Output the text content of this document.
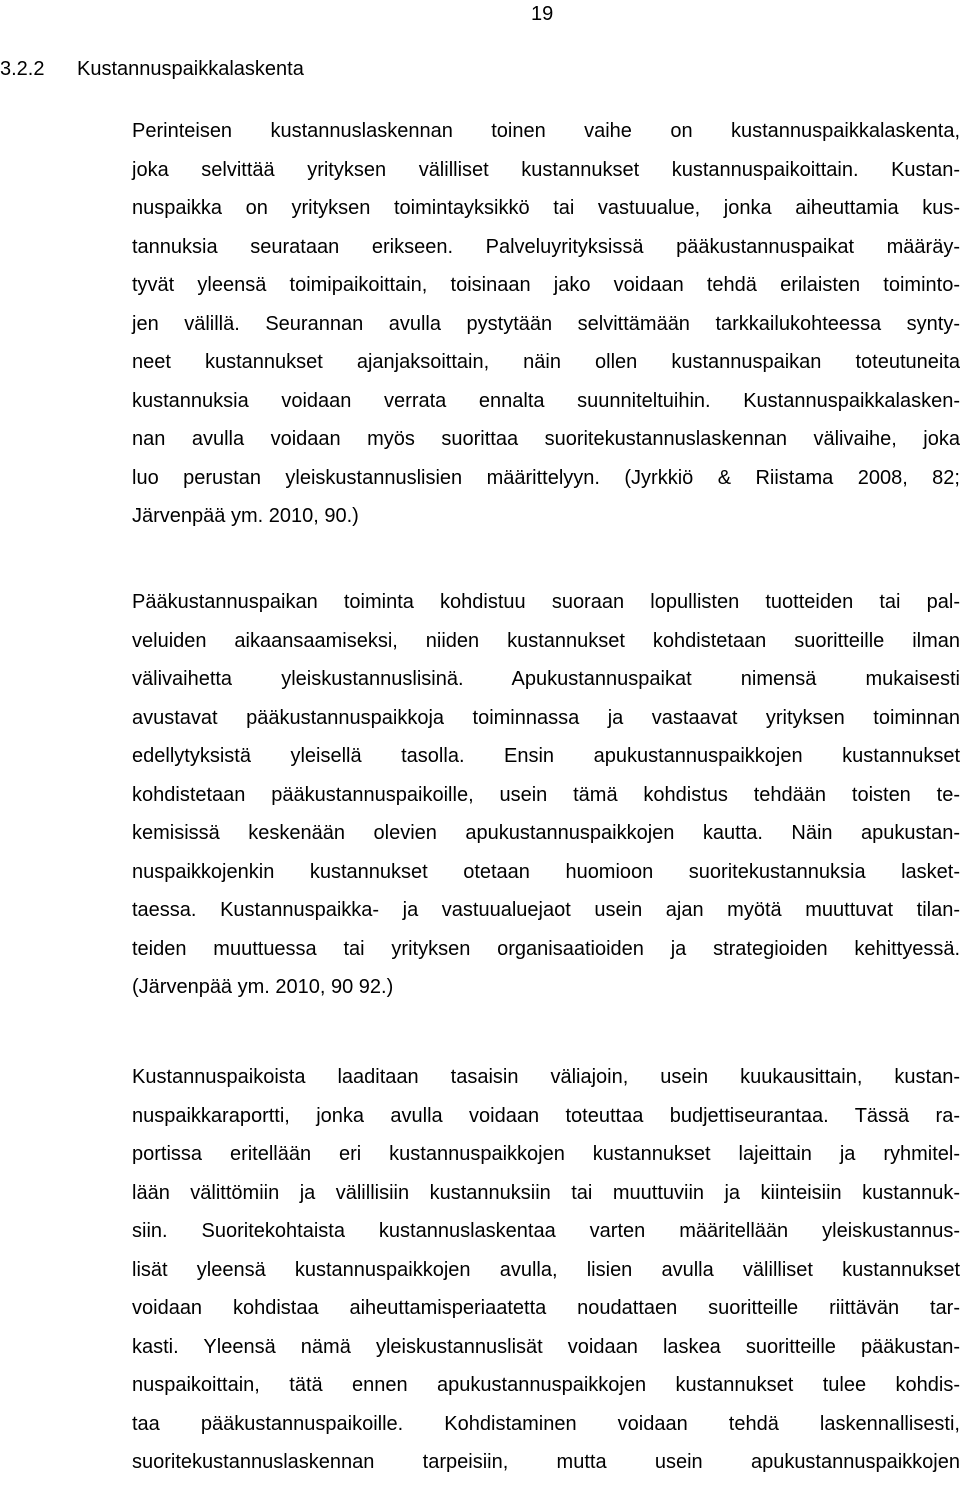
19
3.2.2 Kustannuspaikkalaskenta
Perinteisen kustannuslaskennan toinen vaihe on kustannuspaikkalaskenta,
joka selvittää yrityksen välilliset kustannukset kustannuspaikoittain. Kustan-
nuspaikka on yrityksen toimintayksikkö tai vastuualue, jonka aiheuttamia kus-
tannuksia seurataan erikseen. Palveluyrityksissä pääkustannuspaikat määräy-
tyvät yleensä toimipaikoittain, toisinaan jako voidaan tehdä erilaisten toiminto-
jen välillä. Seurannan avulla pystytään selvittämään tarkkailukohteessa synty-
neet kustannukset ajanjaksoittain, näin ollen kustannuspaikan toteutuneita
kustannuksia voidaan verrata ennalta suunniteltuihin. Kustannuspaikkalasken-
nan avulla voidaan myös suorittaa suoritekustannuslaskennan välivaihe, joka
luo perustan yleiskustannuslisien määrittelyyn. (Jyrkkiö & Riistama 2008, 82;
Järvenpää ym. 2010, 90.)
Pääkustannuspaikan toiminta kohdistuu suoraan lopullisten tuotteiden tai pal-
veluiden aikaansaamiseksi, niiden kustannukset kohdistetaan suoritteille ilman
välivaihetta yleiskustannuslisinä. Apukustannuspaikat nimensä mukaisesti
avustavat pääkustannuspaikkoja toiminnassa ja vastaavat yrityksen toiminnan
edellytyksistä yleisellä tasolla. Ensin apukustannuspaikkojen kustannukset
kohdistetaan pääkustannuspaikoille, usein tämä kohdistus tehdään toisten te-
kemisissä keskenään olevien apukustannuspaikkojen kautta. Näin apukustan-
nuspaikkojenkin kustannukset otetaan huomioon suoritekustannuksia lasket-
taessa. Kustannuspaikka- ja vastuualuejaot usein ajan myötä muuttuvat tilan-
teiden muuttuessa tai yrityksen organisaatioiden ja strategioiden kehittyessä.
(Järvenpää ym. 2010, 90 92.)
Kustannuspaikoista laaditaan tasaisin väliajoin, usein kuukausittain, kustan-
nuspaikkaraportti, jonka avulla voidaan toteuttaa budjettiseurantaa. Tässä ra-
portissa eritellään eri kustannuspaikkojen kustannukset lajeittain ja ryhmitel-
lään välittömiin ja välillisiin kustannuksiin tai muuttuviin ja kiinteisiin kustannuk-
siin. Suoritekohtaista kustannuslaskentaa varten määritellään yleiskustannus-
lisät yleensä kustannuspaikkojen avulla, lisien avulla välilliset kustannukset
voidaan kohdistaa aiheuttamisperiaatetta noudattaen suoritteille riittävän tar-
kasti. Yleensä nämä yleiskustannuslisät voidaan laskea suoritteille pääkustan-
nuspaikoittain, tätä ennen apukustannuspaikkojen kustannukset tulee kohdis-
taa pääkustannuspaikoille. Kohdistaminen voidaan tehdä laskennallisesti,
suoritekustannuslaskennan tarpeisiin, mutta usein apukustannuspaikkojen
